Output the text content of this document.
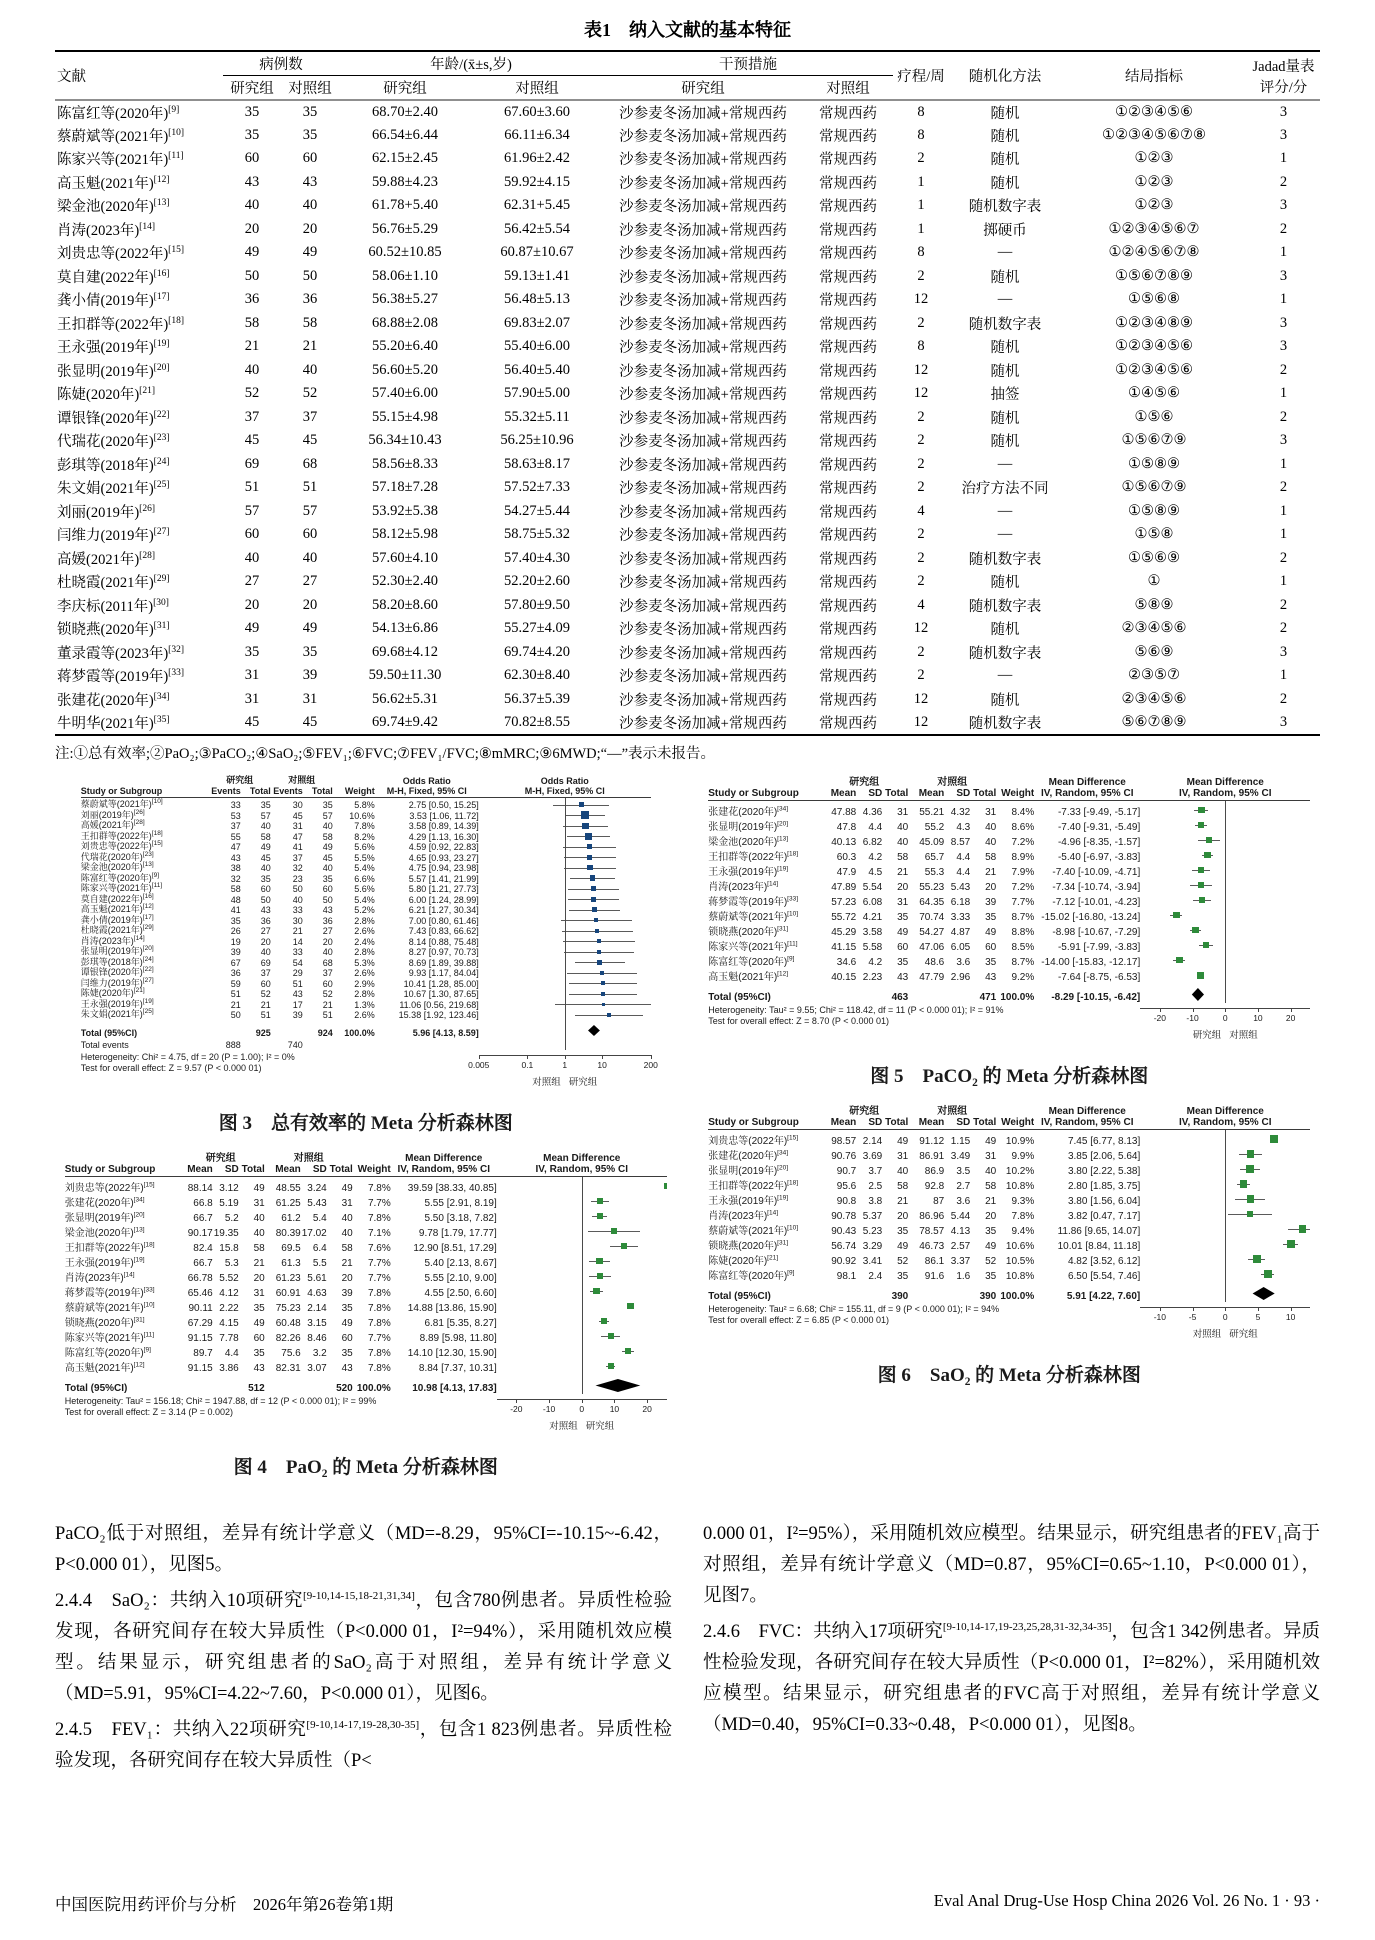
表1　纳入文献的基本特征
文献	病例数		年龄/(x̄±s,岁)		干预措施		疗程/周	随机化方法	结局指标	Jadad量表
评分/分
	研究组	对照组	研究组	对照组	研究组	对照组				
陈富红等(2020年)[9]	35	35	68.70±2.40	67.60±3.60	沙参麦冬汤加减+常规西药	常规西药	8	随机	①②③④⑤⑥	3
蔡蔚斌等(2021年)[10]	35	35	66.54±6.44	66.11±6.34	沙参麦冬汤加减+常规西药	常规西药	8	随机	①②③④⑤⑥⑦⑧	3
陈家兴等(2021年)[11]	60	60	62.15±2.45	61.96±2.42	沙参麦冬汤加减+常规西药	常规西药	2	随机	①②③	1
高玉魁(2021年)[12]	43	43	59.88±4.23	59.92±4.15	沙参麦冬汤加减+常规西药	常规西药	1	随机	①②③	2
梁金池(2020年)[13]	40	40	61.78+5.40	62.31+5.45	沙参麦冬汤加减+常规西药	常规西药	1	随机数字表	①②③	3
肖涛(2023年)[14]	20	20	56.76±5.29	56.42±5.54	沙参麦冬汤加减+常规西药	常规西药	1	掷硬币	①②③④⑤⑥⑦	2
刘贵忠等(2022年)[15]	49	49	60.52±10.85	60.87±10.67	沙参麦冬汤加减+常规西药	常规西药	8	—	①②④⑤⑥⑦⑧	1
莫自建(2022年)[16]	50	50	58.06±1.10	59.13±1.41	沙参麦冬汤加减+常规西药	常规西药	2	随机	①⑤⑥⑦⑧⑨	3
龚小倩(2019年)[17]	36	36	56.38±5.27	56.48±5.13	沙参麦冬汤加减+常规西药	常规西药	12	—	①⑤⑥⑧	1
王扣群等(2022年)[18]	58	58	68.88±2.08	69.83±2.07	沙参麦冬汤加减+常规西药	常规西药	2	随机数字表	①②③④⑧⑨	3
王永强(2019年)[19]	21	21	55.20±6.40	55.40±6.00	沙参麦冬汤加减+常规西药	常规西药	8	随机	①②③④⑤⑥	3
张显明(2019年)[20]	40	40	56.60±5.20	56.40±5.40	沙参麦冬汤加减+常规西药	常规西药	12	随机	①②③④⑤⑥	2
陈婕(2020年)[21]	52	52	57.40±6.00	57.90±5.00	沙参麦冬汤加减+常规西药	常规西药	12	抽签	①④⑤⑥	1
谭银锋(2020年)[22]	37	37	55.15±4.98	55.32±5.11	沙参麦冬汤加减+常规西药	常规西药	2	随机	①⑤⑥	2
代瑞花(2020年)[23]	45	45	56.34±10.43	56.25±10.96	沙参麦冬汤加减+常规西药	常规西药	2	随机	①⑤⑥⑦⑨	3
彭琪等(2018年)[24]	69	68	58.56±8.33	58.63±8.17	沙参麦冬汤加减+常规西药	常规西药	2	—	①⑤⑧⑨	1
朱文娟(2021年)[25]	51	51	57.18±7.28	57.52±7.33	沙参麦冬汤加减+常规西药	常规西药	2	治疗方法不同	①⑤⑥⑦⑨	2
刘丽(2019年)[26]	57	57	53.92±5.38	54.27±5.44	沙参麦冬汤加减+常规西药	常规西药	4	—	①⑤⑧⑨	1
闫维力(2019年)[27]	60	60	58.12±5.98	58.75±5.32	沙参麦冬汤加减+常规西药	常规西药	2	—	①⑤⑧	1
高媛(2021年)[28]	40	40	57.60±4.10	57.40±4.30	沙参麦冬汤加减+常规西药	常规西药	2	随机数字表	①⑤⑥⑨	2
杜晓霞(2021年)[29]	27	27	52.30±2.40	52.20±2.60	沙参麦冬汤加减+常规西药	常规西药	2	随机	①	1
李庆标(2011年)[30]	20	20	58.20±8.60	57.80±9.50	沙参麦冬汤加减+常规西药	常规西药	4	随机数字表	⑤⑧⑨	2
锁晓燕(2020年)[31]	49	49	54.13±6.86	55.27±4.09	沙参麦冬汤加减+常规西药	常规西药	12	随机	②③④⑤⑥	2
董录霞等(2023年)[32]	35	35	69.68±4.12	69.74±4.20	沙参麦冬汤加减+常规西药	常规西药	2	随机数字表	⑤⑥⑨	3
蒋梦霞等(2019年)[33]	31	39	59.50±11.30	62.30±8.40	沙参麦冬汤加减+常规西药	常规西药	2	—	②③⑤⑦	1
张建花(2020年)[34]	31	31	56.62±5.31	56.37±5.39	沙参麦冬汤加减+常规西药	常规西药	12	随机	②③④⑤⑥	2
牛明华(2021年)[35]	45	45	69.74±9.42	70.82±8.55	沙参麦冬汤加减+常规西药	常规西药	12	随机数字表	⑤⑥⑦⑧⑨	3
注:①总有效率;②PaO₂;③PaCO₂;④SaO₂;⑤FEV₁;⑥FVC;⑦FEV₁/FVC;⑧mMRC;⑨6MWD;“—”表示未报告。
研究组	对照组	Odds Ratio	Odds Ratio
Study or Subgroup	Events	Total Events	Total	Weight	M-H, Fixed, 95% CI	M-H, Fixed, 95% CI
蔡蔚斌等(2021年)[10]	33	35	30	35	5.8%	2.75 [0.50, 15.25]
刘丽(2019年)[26]	53	57	45	57	10.6%	3.53 [1.06, 11.72]
高媛(2021年)[28]	37	40	31	40	7.8%	3.58 [0.89, 14.39]
王扣群等(2022年)[18]	55	58	47	58	8.2%	4.29 [1.13, 16.30]
刘贵忠等(2022年)[15]	47	49	41	49	5.6%	4.59 [0.92, 22.83]
代瑞花(2020年)[23]	43	45	37	45	5.5%	4.65 [0.93, 23.27]
梁金池(2020年)[13]	38	40	32	40	5.4%	4.75 [0.94, 23.98]
陈富红等(2020年)[9]	32	35	23	35	6.6%	5.57 [1.41, 21.99]
陈家兴等(2021年)[11]	58	60	50	60	5.6%	5.80 [1.21, 27.73]
莫自建(2022年)[16]	48	50	40	50	5.4%	6.00 [1.24, 28.99]
高玉魁(2021年)[12]	41	43	33	43	5.2%	6.21 [1.27, 30.34]
龚小倩(2019年)[17]	35	36	30	36	2.8%	7.00 [0.80, 61.46]
杜晓霞(2021年)[29]	26	27	21	27	2.6%	7.43 [0.83, 66.62]
肖涛(2023年)[14]	19	20	14	20	2.4%	8.14 [0.88, 75.48]
张显明(2019年)[20]	39	40	33	40	2.8%	8.27 [0.97, 70.73]
彭琪等(2018年)[24]	67	69	54	68	5.3%	8.69 [1.89, 39.88]
谭银锋(2020年)[22]	36	37	29	37	2.6%	9.93 [1.17, 84.04]
闫维力(2019年)[27]	59	60	51	60	2.9%	10.41 [1.28, 85.00]
陈婕(2020年)[21]	51	52	43	52	2.8%	10.67 [1.30, 87.65]
王永强(2019年)[19]	21	21	17	21	1.3%	11.06 [0.56, 219.68]
朱文娟(2021年)[25]	50	51	39	51	2.6%	15.38 [1.92, 123.46]
Total (95%CI)	925	924	100.0%	5.96 [4.13, 8.59]
Total events	888	740
Heterogeneity: Chi² = 4.75, df = 20 (P = 1.00); I² = 0%
Test for overall effect: Z = 9.57 (P < 0.000 01)	0.005	0.1	1	10	200
对照组 研究组
图 3　总有效率的 Meta 分析森林图
研究组	对照组	Mean Difference	Mean Difference
Study or Subgroup	Mean	SD Total	Mean	SD Total Weight IV, Random, 95% CI	IV, Random, 95% CI
刘贵忠等(2022年)[15]	88.14 3.12	49	48.55 3.24	49	7.8%	39.59 [38.33, 40.85]
张建花(2020年)[34]	66.8 5.19	31	61.25 5.43	31	7.7%	5.55 [2.91, 8.19]
张显明(2019年)[20]	66.7	5.2	40	61.2	5.4	40	7.8%	5.50 [3.18, 7.82]
梁金池(2020年)[13]	90.17 19.35	40	80.39 17.02	40	7.1%	9.78 [1.79, 17.77]
王扣群等(2022年)[18]	82.4 15.8	58	69.5	6.4	58	7.6%	12.90 [8.51, 17.29]
王永强(2019年)[19]	66.7	5.3	21	61.3	5.5	21	7.7%	5.40 [2.13, 8.67]
肖涛(2023年)[14]	66.78 5.52	20	61.23 5.61	20	7.7%	5.55 [2.10, 9.00]
蒋梦霞等(2019年)[33]	65.46 4.12	31	60.91 4.63	39	7.8%	4.55 [2.50, 6.60]
蔡蔚斌等(2021年)[10]	90.11 2.22	35	75.23 2.14	35	7.8%	14.88 [13.86, 15.90]
锁晓燕(2020年)[31]	67.29 4.15	49	60.48 3.15	49	7.8%	6.81 [5.35, 8.27]
陈家兴等(2021年)[11]	91.15 7.78	60	82.26 8.46	60	7.7%	8.89 [5.98, 11.80]
陈富红等(2020年)[9]	89.7	4.4	35	75.6	3.2	35	7.8%	14.10 [12.30, 15.90]
高玉魁(2021年)[12]	91.15 3.86	43	82.31 3.07	43	7.8%	8.84 [7.37, 10.31]
Total (95%CI)	512	520 100.0%	10.98 [4.13, 17.83]
Heterogeneity: Tau² = 156.18; Chi² = 1947.88, df = 12 (P < 0.000 01); I² = 99%
Test for overall effect: Z = 3.14 (P = 0.002)	-20 -10	0	10	20
对照组 研究组
图 4　PaO₂ 的 Meta 分析森林图
研究组	对照组	Mean Difference	Mean Difference
Study or Subgroup	Mean	SD Total	Mean	SD Total Weight IV, Random, 95% CI	IV, Random, 95% CI
张建花(2020年)[34]	47.88 4.36	31	55.21 4.32	31	8.4%	-7.33 [-9.49, -5.17]
张显明(2019年)[20]	47.8	4.4	40	55.2	4.3	40	8.6%	-7.40 [-9.31, -5.49]
梁金池(2020年)[13]	40.13 6.82	40	45.09 8.57	40	7.2%	-4.96 [-8.35, -1.57]
王扣群等(2022年)[18]	60.3	4.2	58	65.7	4.4	58	8.9%	-5.40 [-6.97, -3.83]
王永强(2019年)[19]	47.9	4.5	21	55.3	4.4	21	7.9%	-7.40 [-10.09, -4.71]
肖涛(2023年)[14]	47.89 5.54	20	55.23 5.43	20	7.2%	-7.34 [-10.74, -3.94]
蒋梦霞等(2019年)[33]	57.23 6.08	31	64.35 6.18	39	7.7%	-7.12 [-10.01, -4.23]
蔡蔚斌等(2021年)[10]	55.72 4.21	35	70.74 3.33	35	8.7% -15.02 [-16.80, -13.24]
锁晓燕(2020年)[31]	45.29 3.58	49	54.27 4.87	49	8.8%	-8.98 [-10.67, -7.29]
陈家兴等(2021年)[11]	41.15 5.58	60	47.06 6.05	60	8.5%	-5.91 [-7.99, -3.83]
陈富红等(2020年)[9]	34.6	4.2	35	48.6	3.6	35	8.7% -14.00 [-15.83, -12.17]
高玉魁(2021年)[12]	40.15 2.23	43	47.79 2.96	43	9.2%	-7.64 [-8.75, -6.53]
Total (95%CI)	463	471 100.0%	-8.29 [-10.15, -6.42]
Heterogeneity: Tau² = 9.55; Chi² = 118.42, df = 11 (P < 0.000 01); I² = 91%
Test for overall effect: Z = 8.70 (P < 0.000 01)	-20 -10	0	10	20
研究组 对照组
图 5　PaCO₂ 的 Meta 分析森林图
研究组	对照组	Mean Difference	Mean Difference
Study or Subgroup	Mean	SD Total	Mean	SD Total Weight IV, Random, 95% CI	IV, Random, 95% CI
刘贵忠等(2022年)[15]	98.57 2.14	49	91.12 1.15	49 10.9%	7.45 [6.77, 8.13]
张建花(2020年)[34]	90.76 3.69	31	86.91 3.49	31	9.9%	3.85 [2.06, 5.64]
张显明(2019年)[20]	90.7	3.7	40	86.9	3.5	40 10.2%	3.80 [2.22, 5.38]
王扣群等(2022年)[18]	95.6	2.5	58	92.8	2.7	58 10.8%	2.80 [1.85, 3.75]
王永强(2019年)[19]	90.8	3.8	21	87	3.6	21	9.3%	3.80 [1.56, 6.04]
肖涛(2023年)[14]	90.78 5.37	20	86.96 5.44	20	7.8%	3.82 [0.47, 7.17]
蔡蔚斌等(2021年)[10]	90.43 5.23	35	78.57 4.13	35	9.4%	11.86 [9.65, 14.07]
锁晓燕(2020年)[31]	56.74 3.29	49	46.73 2.57	49 10.6%	10.01 [8.84, 11.18]
陈婕(2020年)[21]	90.92 3.41	52	86.1 3.37	52 10.5%	4.82 [3.52, 6.12]
陈富红等(2020年)[9]	98.1	2.4	35	91.6	1.6	35 10.8%	6.50 [5.54, 7.46]
Total (95%CI)	390	390 100.0%	5.91 [4.22, 7.60]
Heterogeneity: Tau² = 6.68; Chi² = 155.11, df = 9 (P < 0.000 01); I² = 94%
Test for overall effect: Z = 6.85 (P < 0.000 01)	-10	-5	0	5	10
对照组 研究组
图 6　SaO₂ 的 Meta 分析森林图

PaCO₂低于对照组，差异有统计学意义（MD=-8.29，95%CI=-10.15~-6.42，P<0.000 01），见图5。

2.4.4　SaO₂：共纳入10项研究[9-10,14-15,18-21,31,34]，包含780例患者。异质性检验发现，各研究间存在较大异质性（P<0.000 01，I²=94%），采用随机效应模型。结果显示，研究组患者的SaO₂高于对照组，差异有统计学意义（MD=5.91，95%CI=4.22~7.60，P<0.000 01），见图6。

2.4.5　FEV₁：共纳入22项研究[9-10,14-17,19-28,30-35]，包含1 823例患者。异质性检验发现，各研究间存在较大异质性（P<

0.000 01，I²=95%），采用随机效应模型。结果显示，研究组患者的FEV₁高于对照组，差异有统计学意义（MD=0.87，95%CI=0.65~1.10，P<0.000 01），见图7。

2.4.6　FVC：共纳入17项研究[9-10,14-17,19-23,25,28,31-32,34-35]，包含1 342例患者。异质性检验发现，各研究间存在较大异质性（P<0.000 01，I²=82%），采用随机效应模型。结果显示，研究组患者的FVC高于对照组，差异有统计学意义（MD=0.40，95%CI=0.33~0.48，P<0.000 01），见图8。

中国医院用药评价与分析　2026年第26卷第1期	Eval Anal Drug-Use Hosp China 2026 Vol. 26 No. 1 · 93 ·
